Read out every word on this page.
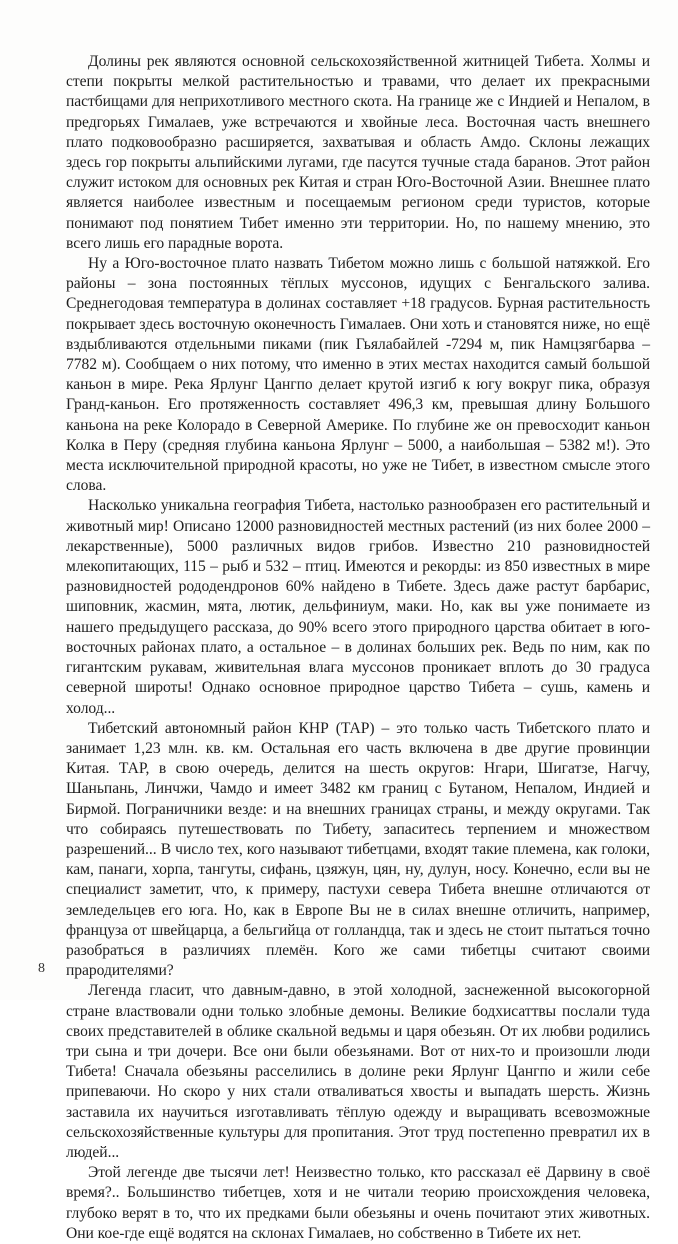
Долины рек являются основной сельскохозяйственной житницей Тибета. Холмы и степи покрыты мелкой растительностью и травами, что делает их прекрасными пастбищами для неприхотливого местного скота. На границе же с Индией и Непалом, в предгорьях Гималаев, уже встречаются и хвойные леса. Восточная часть внешнего плато подковообразно расширяется, захватывая и область Амдо. Склоны лежащих здесь гор покрыты альпийскими лугами, где пасутся тучные стада баранов. Этот район служит истоком для основных рек Китая и стран Юго-Восточной Азии. Внешнее плато является наиболее известным и посещаемым регионом среди туристов, которые понимают под понятием Тибет именно эти территории. Но, по нашему мнению, это всего лишь его парадные ворота.

Ну а Юго-восточное плато назвать Тибетом можно лишь с большой натяжкой. Его районы – зона постоянных тёплых муссонов, идущих с Бенгальского залива. Среднегодовая температура в долинах составляет +18 градусов. Бурная растительность покрывает здесь восточную оконечность Гималаев. Они хоть и становятся ниже, но ещё вздыбливаются отдельными пиками (пик Гьялабайлей -7294 м, пик Намцзягбарва – 7782 м). Сообщаем о них потому, что именно в этих местах находится самый большой каньон в мире. Река Ярлунг Цангпо делает крутой изгиб к югу вокруг пика, образуя Гранд-каньон. Его протяженность составляет 496,3 км, превышая длину Большого каньона на реке Колорадо в Северной Америке. По глубине же он превосходит каньон Колка в Перу (средняя глубина каньона Ярлунг – 5000, а наибольшая – 5382 м!). Это места исключительной природной красоты, но уже не Тибет, в известном смысле этого слова.

Насколько уникальна география Тибета, настолько разнообразен его растительный и животный мир! Описано 12000 разновидностей местных растений (из них более 2000 – лекарственные), 5000 различных видов грибов. Известно 210 разновидностей млекопитающих, 115 – рыб и 532 – птиц. Имеются и рекорды: из 850 известных в мире разновидностей рододендронов 60% найдено в Тибете. Здесь даже растут барбарис, шиповник, жасмин, мята, лютик, дельфиниум, маки. Но, как вы уже понимаете из нашего предыдущего рассказа, до 90% всего этого природного царства обитает в юго-восточных районах плато, а остальное – в долинах больших рек. Ведь по ним, как по гигантским рукавам, живительная влага муссонов проникает вплоть до 30 градуса северной широты! Однако основное природное царство Тибета – сушь, камень и холод...

Тибетский автономный район КНР (ТАР) – это только часть Тибетского плато и занимает 1,23 млн. кв. км. Остальная его часть включена в две другие провинции Китая. ТАР, в свою очередь, делится на шесть округов: Нгари, Шигатзе, Нагчу, Шаньпань, Линчжи, Чамдо и имеет 3482 км границ с Бутаном, Непалом, Индией и Бирмой. Пограничники везде: и на внешних границах страны, и между округами. Так что собираясь путешествовать по Тибету, запаситесь терпением и множеством разрешений... В число тех, кого называют тибетцами, входят такие племена, как голоки, кам, панаги, хорпа, тангуты, сифань, цзяжун, цян, ну, дулун, носу. Конечно, если вы не специалист заметит, что, к примеру, пастухи севера Тибета внешне отличаются от земледельцев его юга. Но, как в Европе Вы не в силах внешне отличить, например, француза от швейцарца, а бельгийца от голландца, так и здесь не стоит пытаться точно разобраться в различиях племён. Кого же сами тибетцы считают своими прародителями?

Легенда гласит, что давным-давно, в этой холодной, заснеженной высокогорной стране властвовали одни только злобные демоны. Великие бодхисаттвы послали туда своих представителей в облике скальной ведьмы и царя обезьян. От их любви родились три сына и три дочери. Все они были обезьянами. Вот от них-то и произошли люди Тибета! Сначала обезьяны расселились в долине реки Ярлунг Цангпо и жили себе припеваючи. Но скоро у них стали отваливаться хвосты и выпадать шерсть. Жизнь заставила их научиться изготавливать тёплую одежду и выращивать всевозможные сельскохозяйственные культуры для пропитания. Этот труд постепенно превратил их в людей...

Этой легенде две тысячи лет! Неизвестно только, кто рассказал её Дарвину в своё время?.. Большинство тибетцев, хотя и не читали теорию происхождения человека, глубоко верят в то, что их предками были обезьяны и очень почитают этих животных. Они кое-где ещё водятся на склонах Гималаев, но собственно в Тибете их нет.

8
